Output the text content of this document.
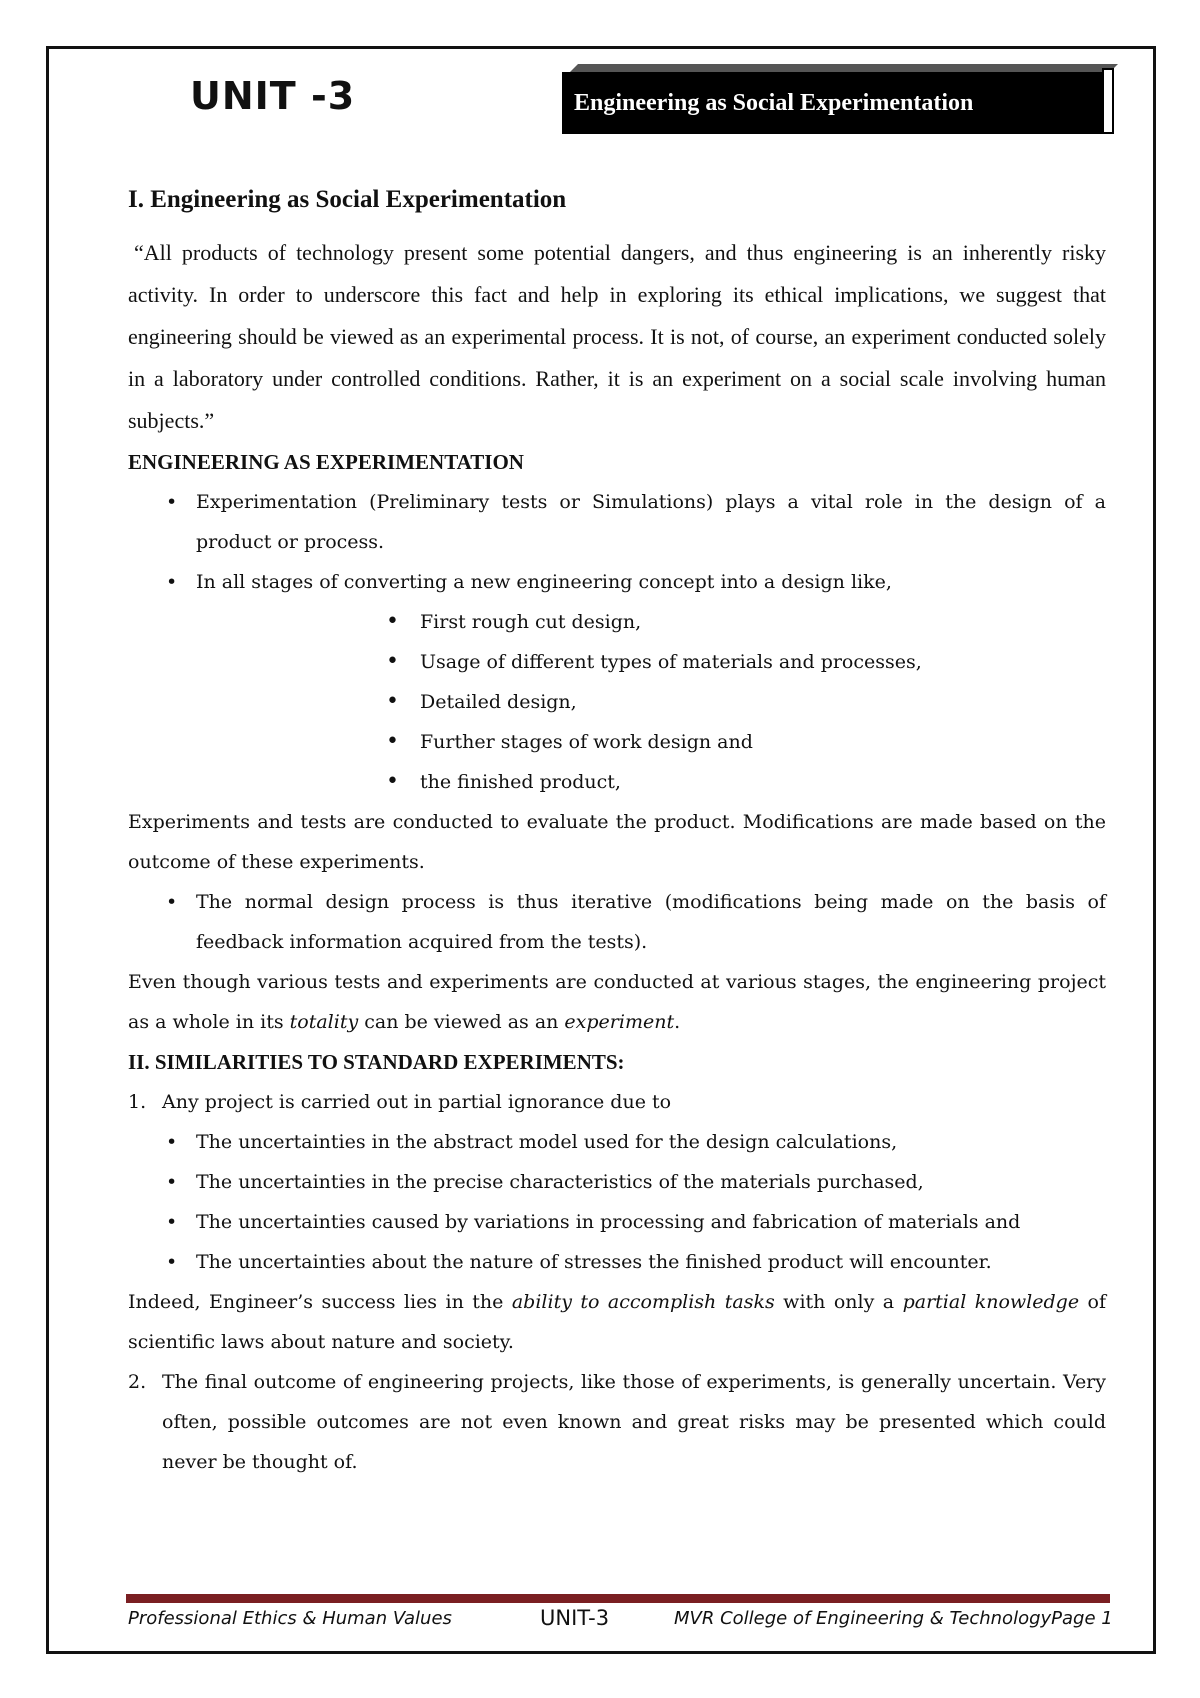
UNIT -3	Engineering as Social Experimentation
I. Engineering as Social Experimentation

“All products of technology present some potential dangers, and thus engineering is an inherently risky activity. In order to underscore this fact and help in exploring its ethical implications, we suggest that engineering should be viewed as an experimental process. It is not, of course, an experiment conducted solely in a laboratory under controlled conditions. Rather, it is an experiment on a social scale involving human subjects.”

ENGINEERING AS EXPERIMENTATION

• Experimentation (Preliminary tests or Simulations) plays a vital role in the design of a product or process.
• In all stages of converting a new engineering concept into a design like,
• First rough cut design,
• Usage of different types of materials and processes,
• Detailed design,
• Further stages of work design and
• the finished product,

Experiments and tests are conducted to evaluate the product. Modifications are made based on the outcome of these experiments.

• The normal design process is thus iterative (modifications being made on the basis of feedback information acquired from the tests).

Even though various tests and experiments are conducted at various stages, the engineering project as a whole in its totality can be viewed as an experiment.

II. SIMILARITIES TO STANDARD EXPERIMENTS:

1. Any project is carried out in partial ignorance due to
• The uncertainties in the abstract model used for the design calculations,
• The uncertainties in the precise characteristics of the materials purchased,
• The uncertainties caused by variations in processing and fabrication of materials and
• The uncertainties about the nature of stresses the finished product will encounter.

Indeed, Engineer’s success lies in the ability to accomplish tasks with only a partial knowledge of scientific laws about nature and society.

2. The final outcome of engineering projects, like those of experiments, is generally uncertain. Very often, possible outcomes are not even known and great risks may be presented which could never be thought of.
Professional Ethics & Human Values	UNIT-3	MVR College of Engineering & TechnologyPage 1
